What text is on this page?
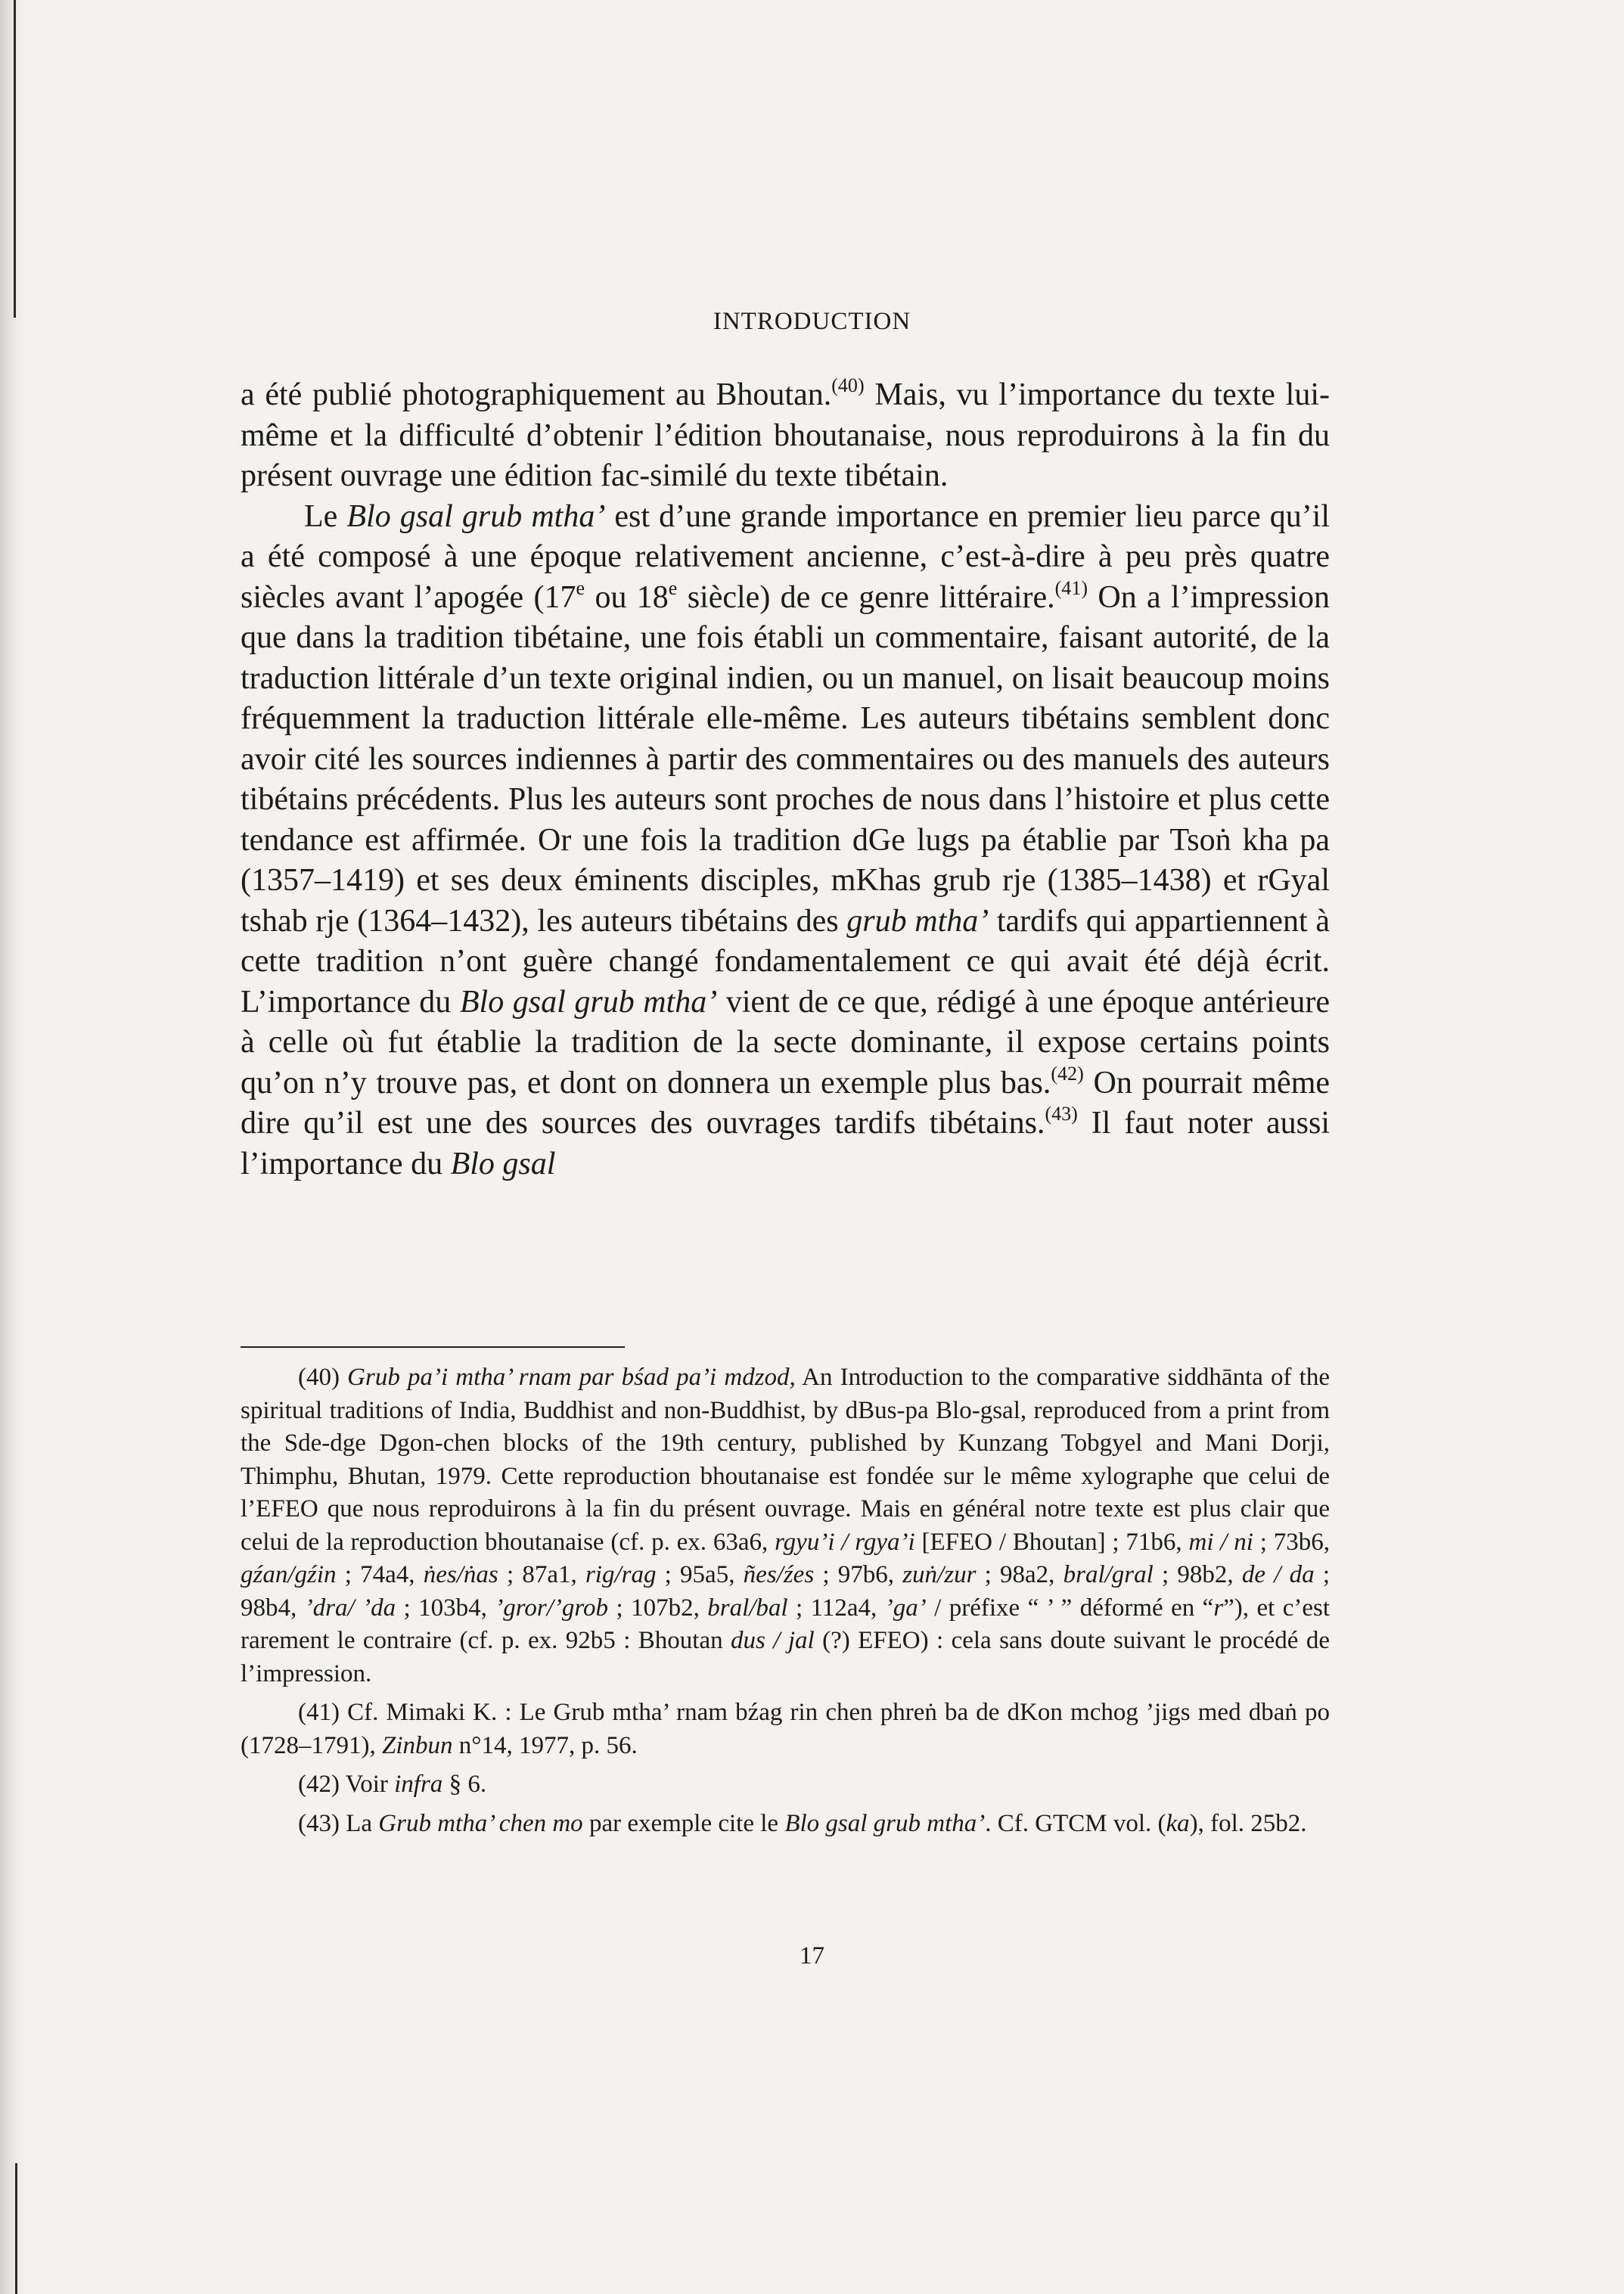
INTRODUCTION

a été publié photographiquement au Bhoutan.$^{(40)}$ Mais, vu l’importance du texte lui-même et la difficulté d’obtenir l’édition bhoutanaise, nous reproduirons à la fin du présent ouvrage une édition fac-similé du texte tibétain.

Le Blo gsal grub mtha’ est d’une grande importance en premier lieu parce qu’il a été composé à une époque relativement ancienne, c’est-à-dire à peu près quatre siècles avant l’apogée (17e ou 18e siècle) de ce genre littéraire.$^{(41)}$ On a l’impression que dans la tradition tibétaine, une fois établi un commentaire, faisant autorité, de la traduction littérale d’un texte original indien, ou un manuel, on lisait beaucoup moins fréquemment la traduction littérale elle-même. Les auteurs tibétains semblent donc avoir cité les sources indiennes à partir des commentaires ou des manuels des auteurs tibétains précédents. Plus les auteurs sont proches de nous dans l’histoire et plus cette tendance est affirmée. Or une fois la tradition dGe lugs pa établie par Tsoṅ kha pa (1357–1419) et ses deux éminents disciples, mKhas grub rje (1385–1438) et rGyal tshab rje (1364–1432), les auteurs tibétains des grub mtha’ tardifs qui appartiennent à cette tradition n’ont guère changé fondamentalement ce qui avait été déjà écrit. L’importance du Blo gsal grub mtha’ vient de ce que, rédigé à une époque antérieure à celle où fut établie la tradition de la secte dominante, il expose certains points qu’on n’y trouve pas, et dont on donnera un exemple plus bas.$^{(42)}$ On pourrait même dire qu’il est une des sources des ouvrages tardifs tibétains.$^{(43)}$ Il faut noter aussi l’importance du Blo gsal

(40) Grub pa’i mtha’ rnam par bśad pa’i mdzod, An Introduction to the comparative siddhānta of the spiritual traditions of India, Buddhist and non-Buddhist, by dBus-pa Blo-gsal, reproduced from a print from the Sde-dge Dgon-chen blocks of the 19th century, published by Kunzang Tobgyel and Mani Dorji, Thimphu, Bhutan, 1979. Cette reproduction bhoutanaise est fondée sur le même xylographe que celui de l’EFEO que nous reproduirons à la fin du présent ouvrage. Mais en général notre texte est plus clair que celui de la reproduction bhoutanaise (cf. p. ex. 63a6, rgyu’i / rgya’i [EFEO / Bhoutan] ; 71b6, mi / ni ; 73b6, gźan/gźin ; 74a4, ṅes/ṅas ; 87a1, rig/rag ; 95a5, ñes/źes ; 97b6, zuṅ/zur ; 98a2, bral/gral ; 98b2, de / da ; 98b4, ’dra/ ’da ; 103b4, ’gror/’grob ; 107b2, bral/bal ; 112a4, ’ga’ / préfixe “ ’ ” déformé en “r”), et c’est rarement le contraire (cf. p. ex. 92b5 : Bhoutan dus / jal (?) EFEO) : cela sans doute suivant le procédé de l’impression.

(41) Cf. Mimaki K. : Le Grub mtha’ rnam bźag rin chen phreṅ ba de dKon mchog ’jigs med dbaṅ po (1728–1791), Zinbun n°14, 1977, p. 56.

(42) Voir infra § 6.

(43) La Grub mtha’ chen mo par exemple cite le Blo gsal grub mtha’. Cf. GTCM vol. (ka), fol. 25b2.

17
